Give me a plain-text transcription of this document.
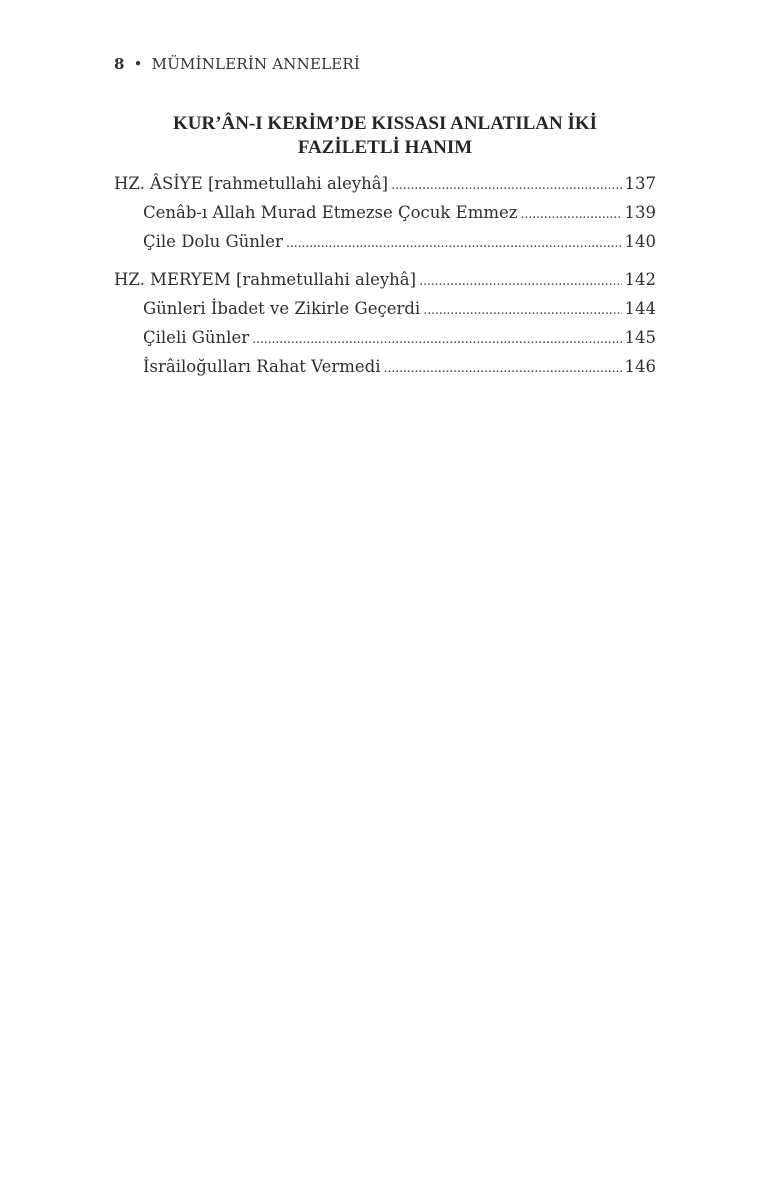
8 • MÜMİNLERİN ANNELERİ
KUR’ÂN-I KERİM’DE KISSASI ANLATILAN İKİ
FAZİLETLİ HANIM
HZ. ÂSİYE [rahmetullahi aleyhâ] . . .	137
Cenâb-ı Allah Murad Etmezse Çocuk Emmez . . .	139
Çile Dolu Günler . . .	140
HZ. MERYEM [rahmetullahi aleyhâ] . . .	142
Günleri İbadet ve Zikirle Geçerdi . . .	144
Çileli Günler . . .	145
İsrâiloğulları Rahat Vermedi . . .	146
